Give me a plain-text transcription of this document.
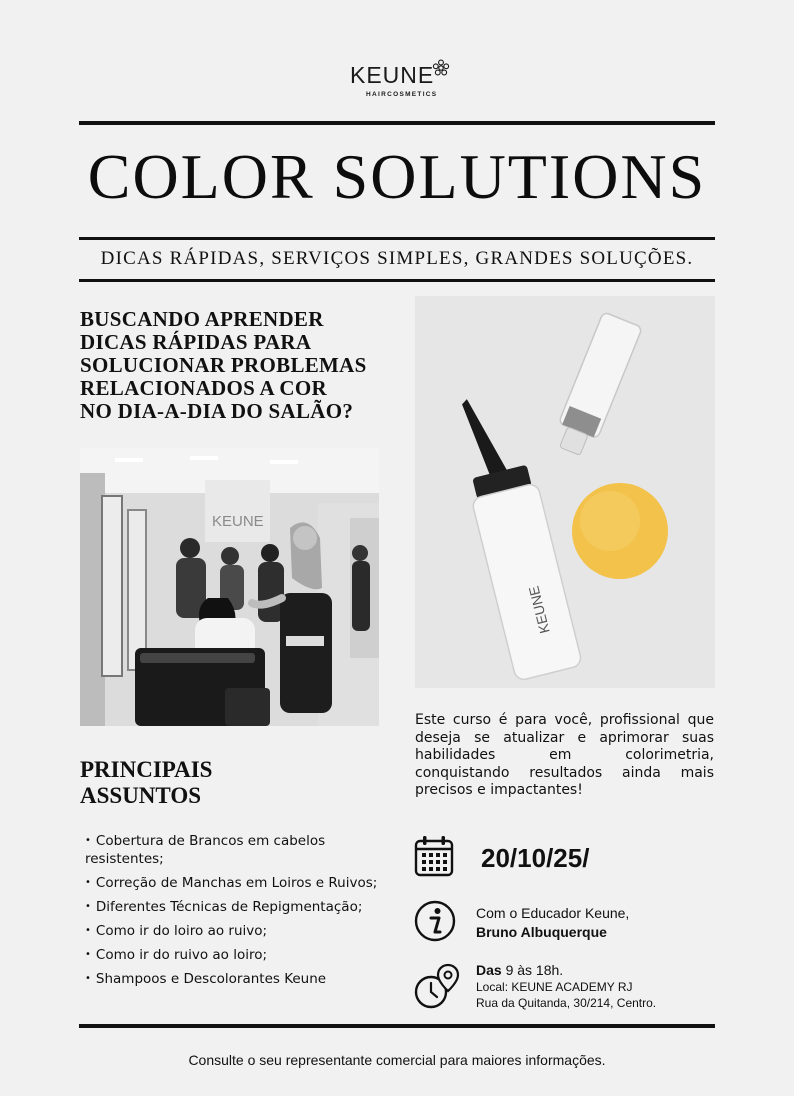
KEUNE
HAIRCOSMETICS
COLOR SOLUTIONS
DICAS RÁPIDAS, SERVIÇOS SIMPLES, GRANDES SOLUÇÕES.
BUSCANDO APRENDER
DICAS RÁPIDAS PARA
SOLUCIONAR PROBLEMAS
RELACIONADOS A COR
NO DIA-A-DIA DO SALÃO?
KEUNE
KEUNE
Este curso é para você, profissional que deseja se atualizar e aprimorar suas habilidades em colorimetria, conquistando resultados ainda mais precisos e impactantes!
PRINCIPAIS
ASSUNTOS
• Cobertura de Brancos em cabelos resistentes;
• Correção de Manchas em Loiros e Ruivos;
• Diferentes Técnicas de Repigmentação;
• Como ir do loiro ao ruivo;
• Como ir do ruivo ao loiro;
• Shampoos e Descolorantes Keune
20/10/25/
Com o Educador Keune,
Bruno Albuquerque
Das 9 às 18h.
Local: KEUNE ACADEMY RJ
Rua da Quitanda, 30/214, Centro.
Consulte o seu representante comercial para maiores informações.
